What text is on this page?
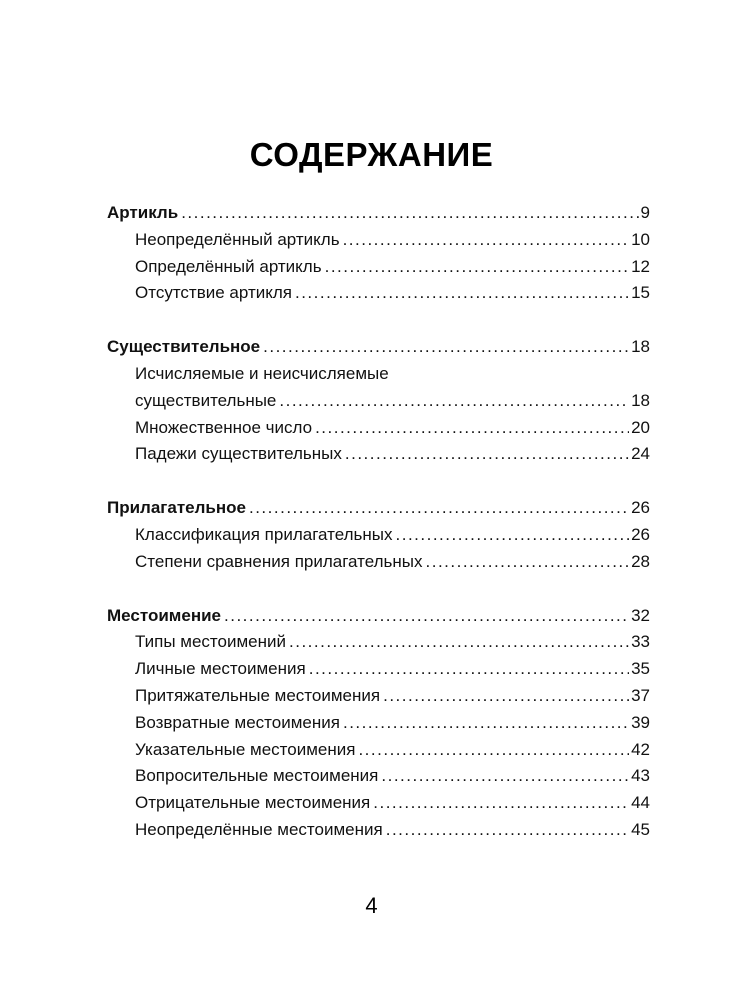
СОДЕРЖАНИЕ
Артикль .....	9
Неопределённый артикль .....	10
Определённый артикль .....	12
Отсутствие артикля .....	15
Существительное .....	18
Исчисляемые и неисчисляемые
существительные .....	18
Множественное число .....	20
Падежи существительных .....	24
Прилагательное .....	26
Классификация прилагательных .....	26
Степени сравнения прилагательных .....	28
Местоимение .....	32
Типы местоимений .....	33
Личные местоимения .....	35
Притяжательные местоимения .....	37
Возвратные местоимения .....	39
Указательные местоимения .....	42
Вопросительные местоимения .....	43
Отрицательные местоимения .....	44
Неопределённые местоимения .....	45
4
